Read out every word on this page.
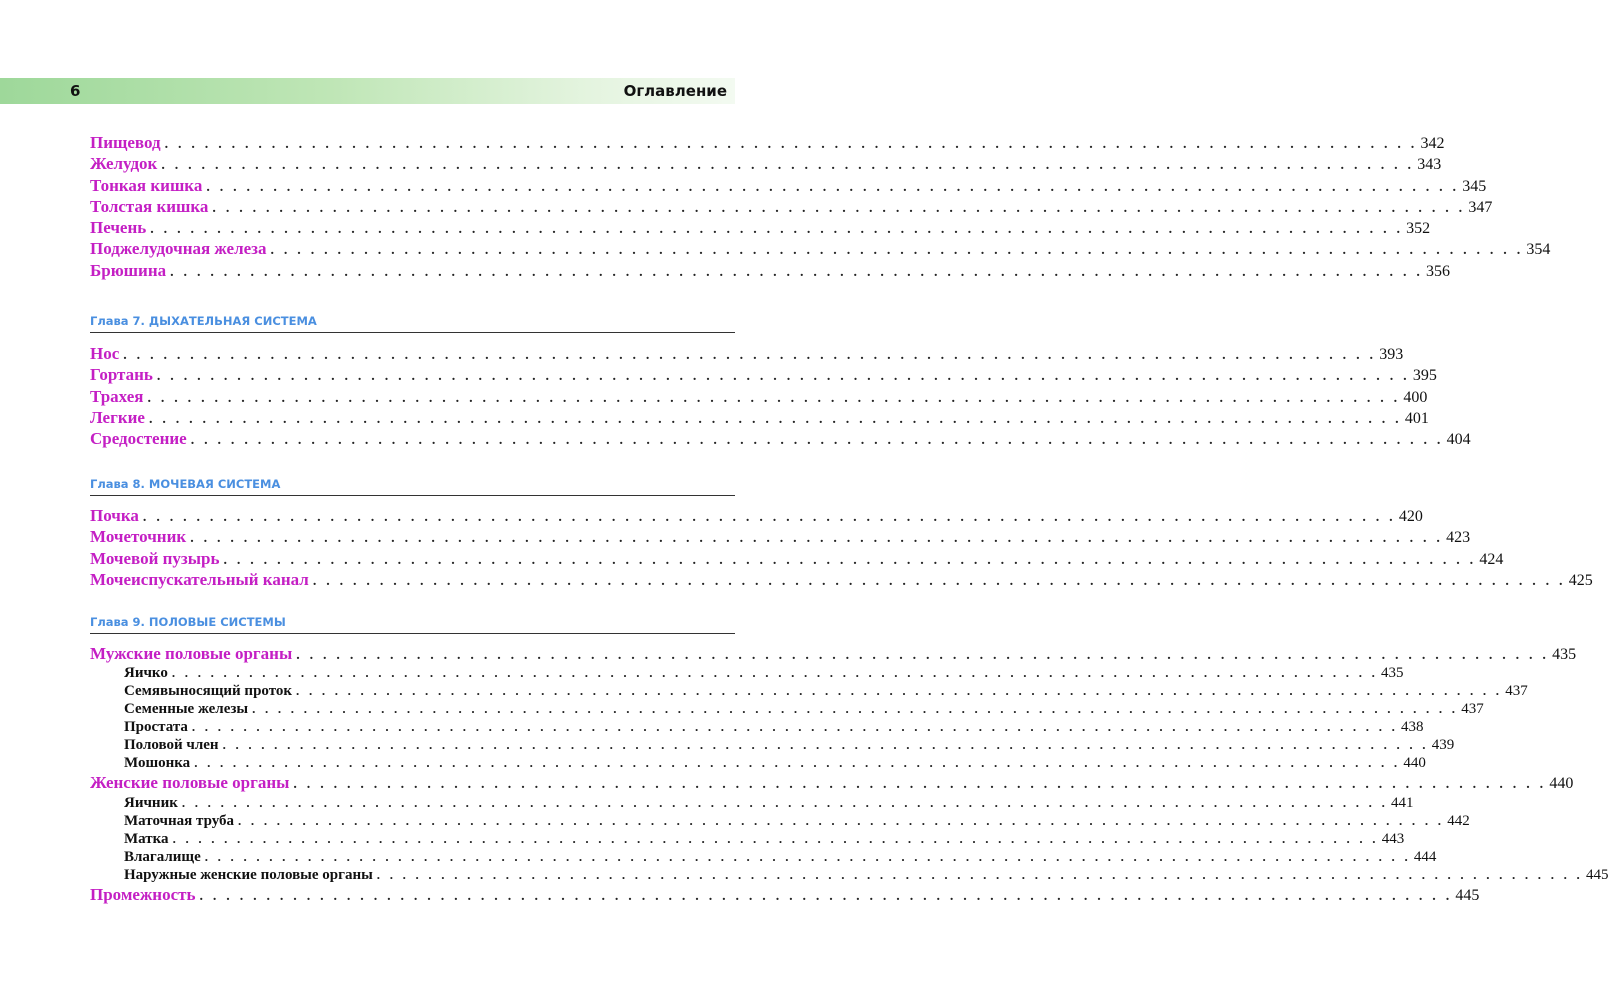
6	Оглавление
Пищевод . . . . . . . . . . . . . . . . . . . . . . . . . . . . . . . . . . . . . . . . . . . . . . . . . . . . . . . . . . . . . . . . . . . . . . . . . . . . . . . . . . . . . . . . . . . . . . 342
Желудок . . . . . . . . . . . . . . . . . . . . . . . . . . . . . . . . . . . . . . . . . . . . . . . . . . . . . . . . . . . . . . . . . . . . . . . . . . . . . . . . . . . . . . . . . . . . . . 343
Тонкая кишка . . . . . . . . . . . . . . . . . . . . . . . . . . . . . . . . . . . . . . . . . . . . . . . . . . . . . . . . . . . . . . . . . . . . . . . . . . . . . . . . . . . . . . . . . . . . . . 345
Толстая кишка . . . . . . . . . . . . . . . . . . . . . . . . . . . . . . . . . . . . . . . . . . . . . . . . . . . . . . . . . . . . . . . . . . . . . . . . . . . . . . . . . . . . . . . . . . . . . . 347
Печень . . . . . . . . . . . . . . . . . . . . . . . . . . . . . . . . . . . . . . . . . . . . . . . . . . . . . . . . . . . . . . . . . . . . . . . . . . . . . . . . . . . . . . . . . . . . . . 352
Поджелудочная железа . . . . . . . . . . . . . . . . . . . . . . . . . . . . . . . . . . . . . . . . . . . . . . . . . . . . . . . . . . . . . . . . . . . . . . . . . . . . . . . . . . . . . . . . . . . . . . 354
Брюшина . . . . . . . . . . . . . . . . . . . . . . . . . . . . . . . . . . . . . . . . . . . . . . . . . . . . . . . . . . . . . . . . . . . . . . . . . . . . . . . . . . . . . . . . . . . . . . 356
Глава 7. ДЫХАТЕЛЬНАЯ СИСТЕМА
Нос . . . . . . . . . . . . . . . . . . . . . . . . . . . . . . . . . . . . . . . . . . . . . . . . . . . . . . . . . . . . . . . . . . . . . . . . . . . . . . . . . . . . . . . . . . . . . . 393
Гортань . . . . . . . . . . . . . . . . . . . . . . . . . . . . . . . . . . . . . . . . . . . . . . . . . . . . . . . . . . . . . . . . . . . . . . . . . . . . . . . . . . . . . . . . . . . . . . 395
Трахея . . . . . . . . . . . . . . . . . . . . . . . . . . . . . . . . . . . . . . . . . . . . . . . . . . . . . . . . . . . . . . . . . . . . . . . . . . . . . . . . . . . . . . . . . . . . . . 400
Легкие . . . . . . . . . . . . . . . . . . . . . . . . . . . . . . . . . . . . . . . . . . . . . . . . . . . . . . . . . . . . . . . . . . . . . . . . . . . . . . . . . . . . . . . . . . . . . . 401
Средостение . . . . . . . . . . . . . . . . . . . . . . . . . . . . . . . . . . . . . . . . . . . . . . . . . . . . . . . . . . . . . . . . . . . . . . . . . . . . . . . . . . . . . . . . . . . . . . 404
Глава 8. МОЧЕВАЯ СИСТЕМА
Почка . . . . . . . . . . . . . . . . . . . . . . . . . . . . . . . . . . . . . . . . . . . . . . . . . . . . . . . . . . . . . . . . . . . . . . . . . . . . . . . . . . . . . . . . . . . . . . 420
Мочеточник . . . . . . . . . . . . . . . . . . . . . . . . . . . . . . . . . . . . . . . . . . . . . . . . . . . . . . . . . . . . . . . . . . . . . . . . . . . . . . . . . . . . . . . . . . . . . . 423
Мочевой пузырь . . . . . . . . . . . . . . . . . . . . . . . . . . . . . . . . . . . . . . . . . . . . . . . . . . . . . . . . . . . . . . . . . . . . . . . . . . . . . . . . . . . . . . . . . . . . . . 424
Мочеиспускательный канал . . . . . . . . . . . . . . . . . . . . . . . . . . . . . . . . . . . . . . . . . . . . . . . . . . . . . . . . . . . . . . . . . . . . . . . . . . . . . . . . . . . . . . . . . . . . . . 425
Глава 9. ПОЛОВЫЕ СИСТЕМЫ
Мужские половые органы . . . . . . . . . . . . . . . . . . . . . . . . . . . . . . . . . . . . . . . . . . . . . . . . . . . . . . . . . . . . . . . . . . . . . . . . . . . . . . . . . . . . . . . . . . . . . . 435
Яичко . . . . . . . . . . . . . . . . . . . . . . . . . . . . . . . . . . . . . . . . . . . . . . . . . . . . . . . . . . . . . . . . . . . . . . . . . . . . . . . . . . . . . . . . . . . . . . 435
Семявыносящий проток . . . . . . . . . . . . . . . . . . . . . . . . . . . . . . . . . . . . . . . . . . . . . . . . . . . . . . . . . . . . . . . . . . . . . . . . . . . . . . . . . . . . . . . . . . . . . . 437
Семенные железы . . . . . . . . . . . . . . . . . . . . . . . . . . . . . . . . . . . . . . . . . . . . . . . . . . . . . . . . . . . . . . . . . . . . . . . . . . . . . . . . . . . . . . . . . . . . . . 437
Простата . . . . . . . . . . . . . . . . . . . . . . . . . . . . . . . . . . . . . . . . . . . . . . . . . . . . . . . . . . . . . . . . . . . . . . . . . . . . . . . . . . . . . . . . . . . . . . 438
Половой член . . . . . . . . . . . . . . . . . . . . . . . . . . . . . . . . . . . . . . . . . . . . . . . . . . . . . . . . . . . . . . . . . . . . . . . . . . . . . . . . . . . . . . . . . . . . . . 439
Мошонка . . . . . . . . . . . . . . . . . . . . . . . . . . . . . . . . . . . . . . . . . . . . . . . . . . . . . . . . . . . . . . . . . . . . . . . . . . . . . . . . . . . . . . . . . . . . . . 440
Женские половые органы . . . . . . . . . . . . . . . . . . . . . . . . . . . . . . . . . . . . . . . . . . . . . . . . . . . . . . . . . . . . . . . . . . . . . . . . . . . . . . . . . . . . . . . . . . . . . . 440
Яичник . . . . . . . . . . . . . . . . . . . . . . . . . . . . . . . . . . . . . . . . . . . . . . . . . . . . . . . . . . . . . . . . . . . . . . . . . . . . . . . . . . . . . . . . . . . . . . 441
Маточная труба . . . . . . . . . . . . . . . . . . . . . . . . . . . . . . . . . . . . . . . . . . . . . . . . . . . . . . . . . . . . . . . . . . . . . . . . . . . . . . . . . . . . . . . . . . . . . . 442
Матка . . . . . . . . . . . . . . . . . . . . . . . . . . . . . . . . . . . . . . . . . . . . . . . . . . . . . . . . . . . . . . . . . . . . . . . . . . . . . . . . . . . . . . . . . . . . . . 443
Влагалище . . . . . . . . . . . . . . . . . . . . . . . . . . . . . . . . . . . . . . . . . . . . . . . . . . . . . . . . . . . . . . . . . . . . . . . . . . . . . . . . . . . . . . . . . . . . . . 444
Наружные женские половые органы . . . . . . . . . . . . . . . . . . . . . . . . . . . . . . . . . . . . . . . . . . . . . . . . . . . . . . . . . . . . . . . . . . . . . . . . . . . . . . . . . . . . . . . . . . . . . . 445
Промежность . . . . . . . . . . . . . . . . . . . . . . . . . . . . . . . . . . . . . . . . . . . . . . . . . . . . . . . . . . . . . . . . . . . . . . . . . . . . . . . . . . . . . . . . . . . . . . 445
